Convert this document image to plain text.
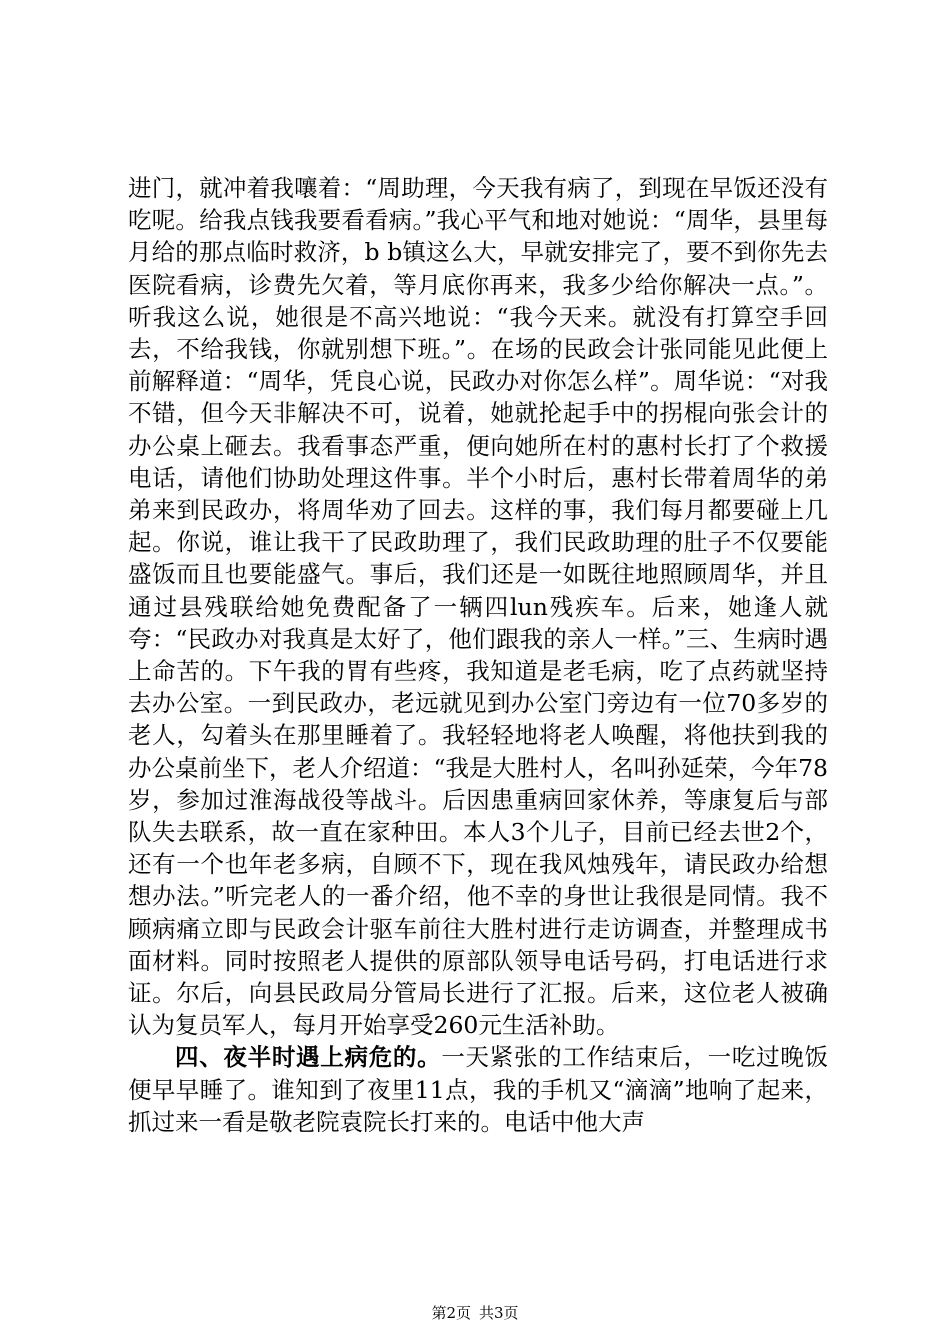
进门，就冲着我嚷着：“周助理，今天我有病了，到现在早饭还没有吃呢。给我点钱我要看看病。”我心平气和地对她说：“周华，县里每月给的那点临时救济，b b镇这么大，早就安排完了，要不到你先去医院看病，诊费先欠着，等月底你再来，我多少给你解决一点。”。听我这么说，她很是不高兴地说：“我今天来。就没有打算空手回去，不给我钱，你就别想下班。”。在场的民政会计张同能见此便上前解释道：“周华，凭良心说，民政办对你怎么样”。周华说：“对我不错，但今天非解决不可，说着，她就抡起手中的拐棍向张会计的办公桌上砸去。我看事态严重，便向她所在村的惠村长打了个救援电话，请他们协助处理这件事。半个小时后，惠村长带着周华的弟弟来到民政办，将周华劝了回去。这样的事，我们每月都要碰上几起。你说，谁让我干了民政助理了，我们民政助理的肚子不仅要能盛饭而且也要能盛气。事后，我们还是一如既往地照顾周华，并且通过县残联给她免费配备了一辆四lun残疾车。后来，她逢人就夸：“民政办对我真是太好了，他们跟我的亲人一样。”三、生病时遇上命苦的。下午我的胃有些疼，我知道是老毛病，吃了点药就坚持去办公室。一到民政办，老远就见到办公室门旁边有一位70多岁的老人，勾着头在那里睡着了。我轻轻地将老人唤醒，将他扶到我的办公桌前坐下，老人介绍道：“我是大胜村人，名叫孙延荣，今年78岁，参加过淮海战役等战斗。后因患重病回家休养，等康复后与部队失去联系，故一直在家种田。本人3个儿子，目前已经去世2个，还有一个也年老多病，自顾不下，现在我风烛残年，请民政办给想想办法。”听完老人的一番介绍，他不幸的身世让我很是同情。我不顾病痛立即与民政会计驱车前往大胜村进行走访调查，并整理成书面材料。同时按照老人提供的原部队领导电话号码，打电话进行求证。尔后，向县民政局分管局长进行了汇报。后来，这位老人被确认为复员军人，每月开始享受260元生活补助。

四、夜半时遇上病危的。一天紧张的工作结束后，一吃过晚饭便早早睡了。谁知到了夜里11点，我的手机又“滴滴”地响了起来，抓过来一看是敬老院袁院长打来的。电话中他大声

第2页 共3页
